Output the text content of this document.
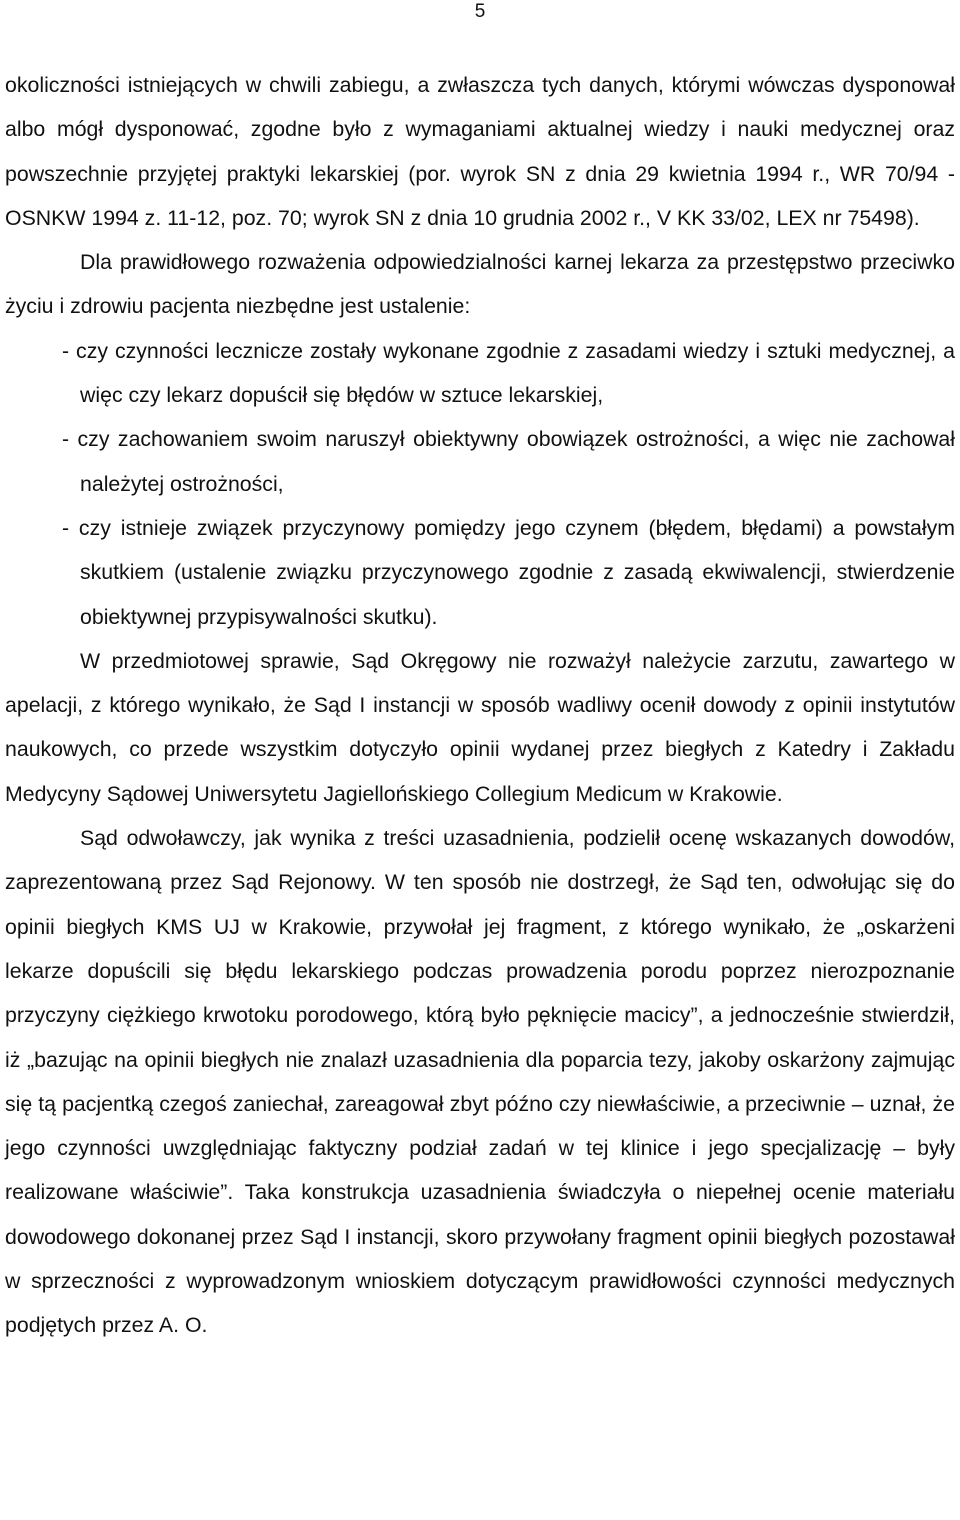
5

okoliczności istniejących w chwili zabiegu, a zwłaszcza tych danych, którymi wówczas dysponował albo mógł dysponować, zgodne było z wymaganiami aktualnej wiedzy i nauki medycznej oraz powszechnie przyjętej praktyki lekarskiej (por. wyrok SN z dnia 29 kwietnia 1994 r., WR 70/94 - OSNKW 1994 z. 11-12, poz. 70; wyrok SN z dnia 10 grudnia 2002 r., V KK 33/02, LEX nr 75498).

Dla prawidłowego rozważenia odpowiedzialności karnej lekarza za przestępstwo przeciwko życiu i zdrowiu pacjenta niezbędne jest ustalenie:

- czy czynności lecznicze zostały wykonane zgodnie z zasadami wiedzy i sztuki medycznej, a więc czy lekarz dopuścił się błędów w sztuce lekarskiej,

- czy zachowaniem swoim naruszył obiektywny obowiązek ostrożności, a więc nie zachował należytej ostrożności,

- czy istnieje związek przyczynowy pomiędzy jego czynem (błędem, błędami) a powstałym skutkiem (ustalenie związku przyczynowego zgodnie z zasadą ekwiwalencji, stwierdzenie obiektywnej przypisywalności skutku).

W przedmiotowej sprawie, Sąd Okręgowy nie rozważył należycie zarzutu, zawartego w apelacji, z którego wynikało, że Sąd I instancji w sposób wadliwy ocenił dowody z opinii instytutów naukowych, co przede wszystkim dotyczyło opinii wydanej przez biegłych z Katedry i Zakładu Medycyny Sądowej Uniwersytetu Jagiellońskiego Collegium Medicum w Krakowie.

Sąd odwoławczy, jak wynika z treści uzasadnienia, podzielił ocenę wskazanych dowodów, zaprezentowaną przez Sąd Rejonowy. W ten sposób nie dostrzegł, że Sąd ten, odwołując się do opinii biegłych KMS UJ w Krakowie, przywołał jej fragment, z którego wynikało, że „oskarżeni lekarze dopuścili się błędu lekarskiego podczas prowadzenia porodu poprzez nierozpoznanie przyczyny ciężkiego krwotoku porodowego, którą było pęknięcie macicy”, a jednocześnie stwierdził, iż „bazując na opinii biegłych nie znalazł uzasadnienia dla poparcia tezy, jakoby oskarżony zajmując się tą pacjentką czegoś zaniechał, zareagował zbyt późno czy niewłaściwie, a przeciwnie – uznał, że jego czynności uwzględniając faktyczny podział zadań w tej klinice i jego specjalizację – były realizowane właściwie”. Taka konstrukcja uzasadnienia świadczyła o niepełnej ocenie materiału dowodowego dokonanej przez Sąd I instancji, skoro przywołany fragment opinii biegłych pozostawał w sprzeczności z wyprowadzonym wnioskiem dotyczącym prawidłowości czynności medycznych podjętych przez A. O.
